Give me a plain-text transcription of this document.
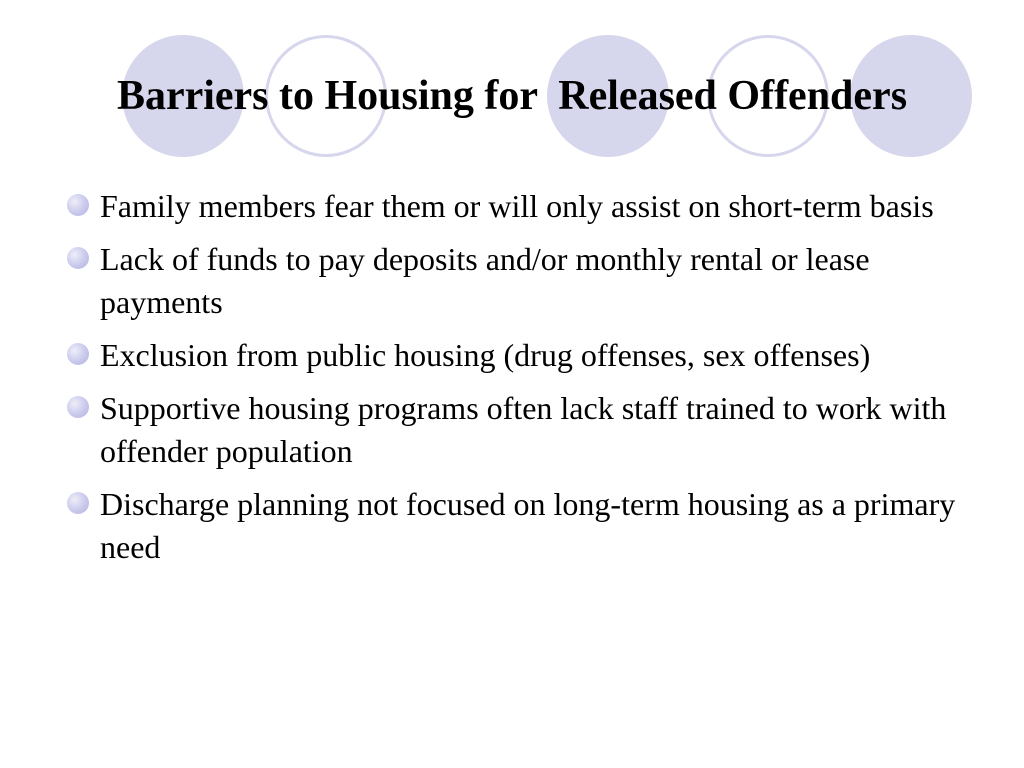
Barriers to Housing for  Released Offenders
Family members fear them or will only assist on short-term basis
Lack of funds to pay deposits and/or monthly rental or lease payments
Exclusion from public housing (drug offenses, sex offenses)
Supportive housing programs often lack staff trained to work with offender population
Discharge planning not focused on long-term housing as a primary need
